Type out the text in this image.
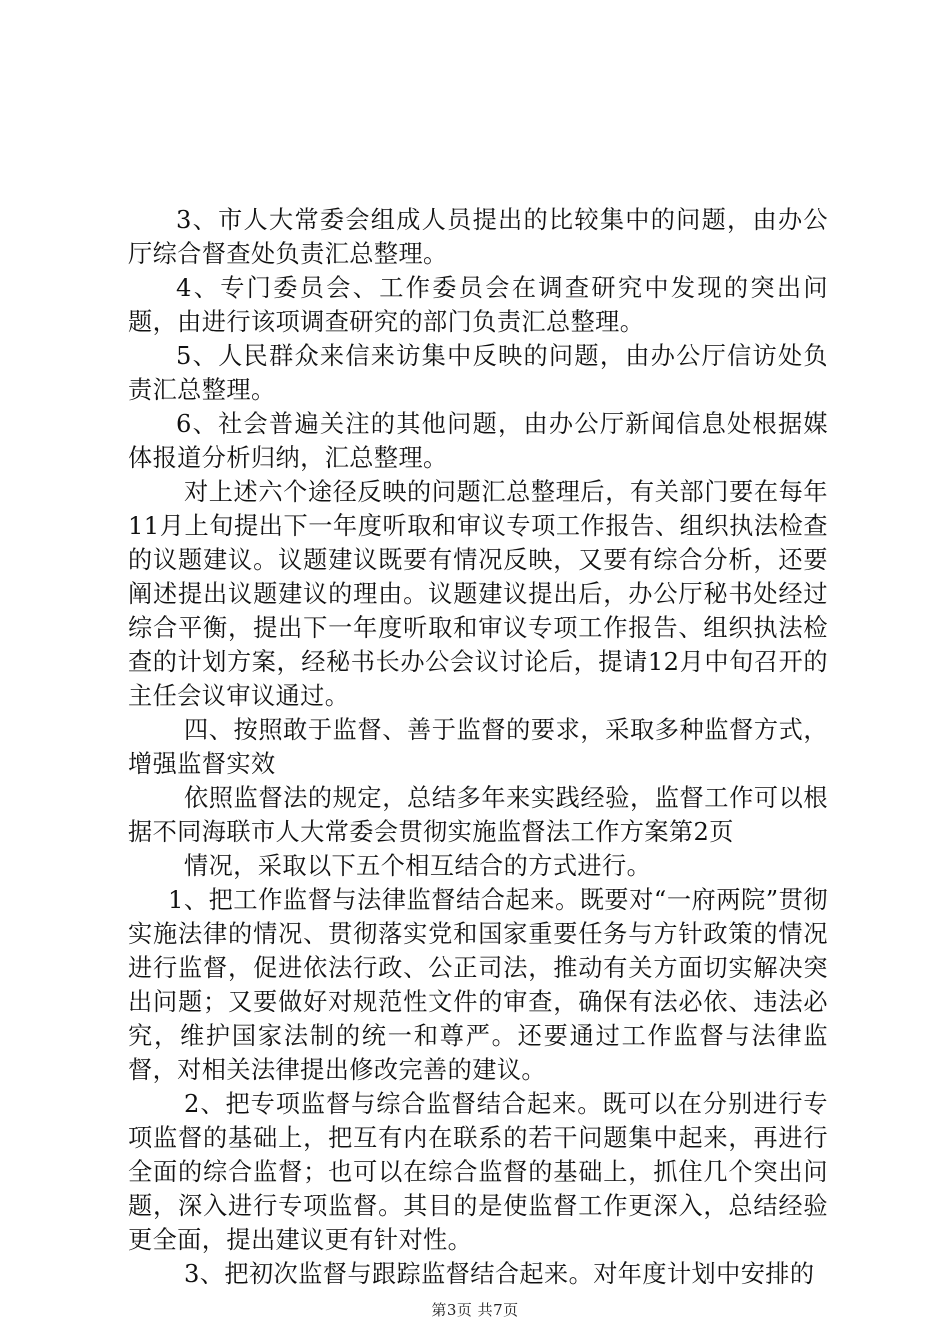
3、市人大常委会组成人员提出的比较集中的问题，由办公厅综合督查处负责汇总整理。

4、专门委员会、工作委员会在调查研究中发现的突出问题，由进行该项调查研究的部门负责汇总整理。

5、人民群众来信来访集中反映的问题，由办公厅信访处负责汇总整理。

6、社会普遍关注的其他问题，由办公厅新闻信息处根据媒体报道分析归纳，汇总整理。

对上述六个途径反映的问题汇总整理后，有关部门要在每年11月上旬提出下一年度听取和审议专项工作报告、组织执法检查的议题建议。议题建议既要有情况反映，又要有综合分析，还要阐述提出议题建议的理由。议题建议提出后，办公厅秘书处经过综合平衡，提出下一年度听取和审议专项工作报告、组织执法检查的计划方案，经秘书长办公会议讨论后，提请12月中旬召开的主任会议审议通过。

四、按照敢于监督、善于监督的要求，采取多种监督方式，增强监督实效

依照监督法的规定，总结多年来实践经验，监督工作可以根据不同海联市人大常委会贯彻实施监督法工作方案第2页

情况，采取以下五个相互结合的方式进行。

1、把工作监督与法律监督结合起来。既要对“一府两院”贯彻实施法律的情况、贯彻落实党和国家重要任务与方针政策的情况进行监督，促进依法行政、公正司法，推动有关方面切实解决突出问题；又要做好对规范性文件的审查，确保有法必依、违法必究，维护国家法制的统一和尊严。还要通过工作监督与法律监督，对相关法律提出修改完善的建议。

2、把专项监督与综合监督结合起来。既可以在分别进行专项监督的基础上，把互有内在联系的若干问题集中起来，再进行全面的综合监督；也可以在综合监督的基础上，抓住几个突出问题，深入进行专项监督。其目的是使监督工作更深入，总结经验更全面，提出建议更有针对性。

3、把初次监督与跟踪监督结合起来。对年度计划中安排的

第3页 共7页
